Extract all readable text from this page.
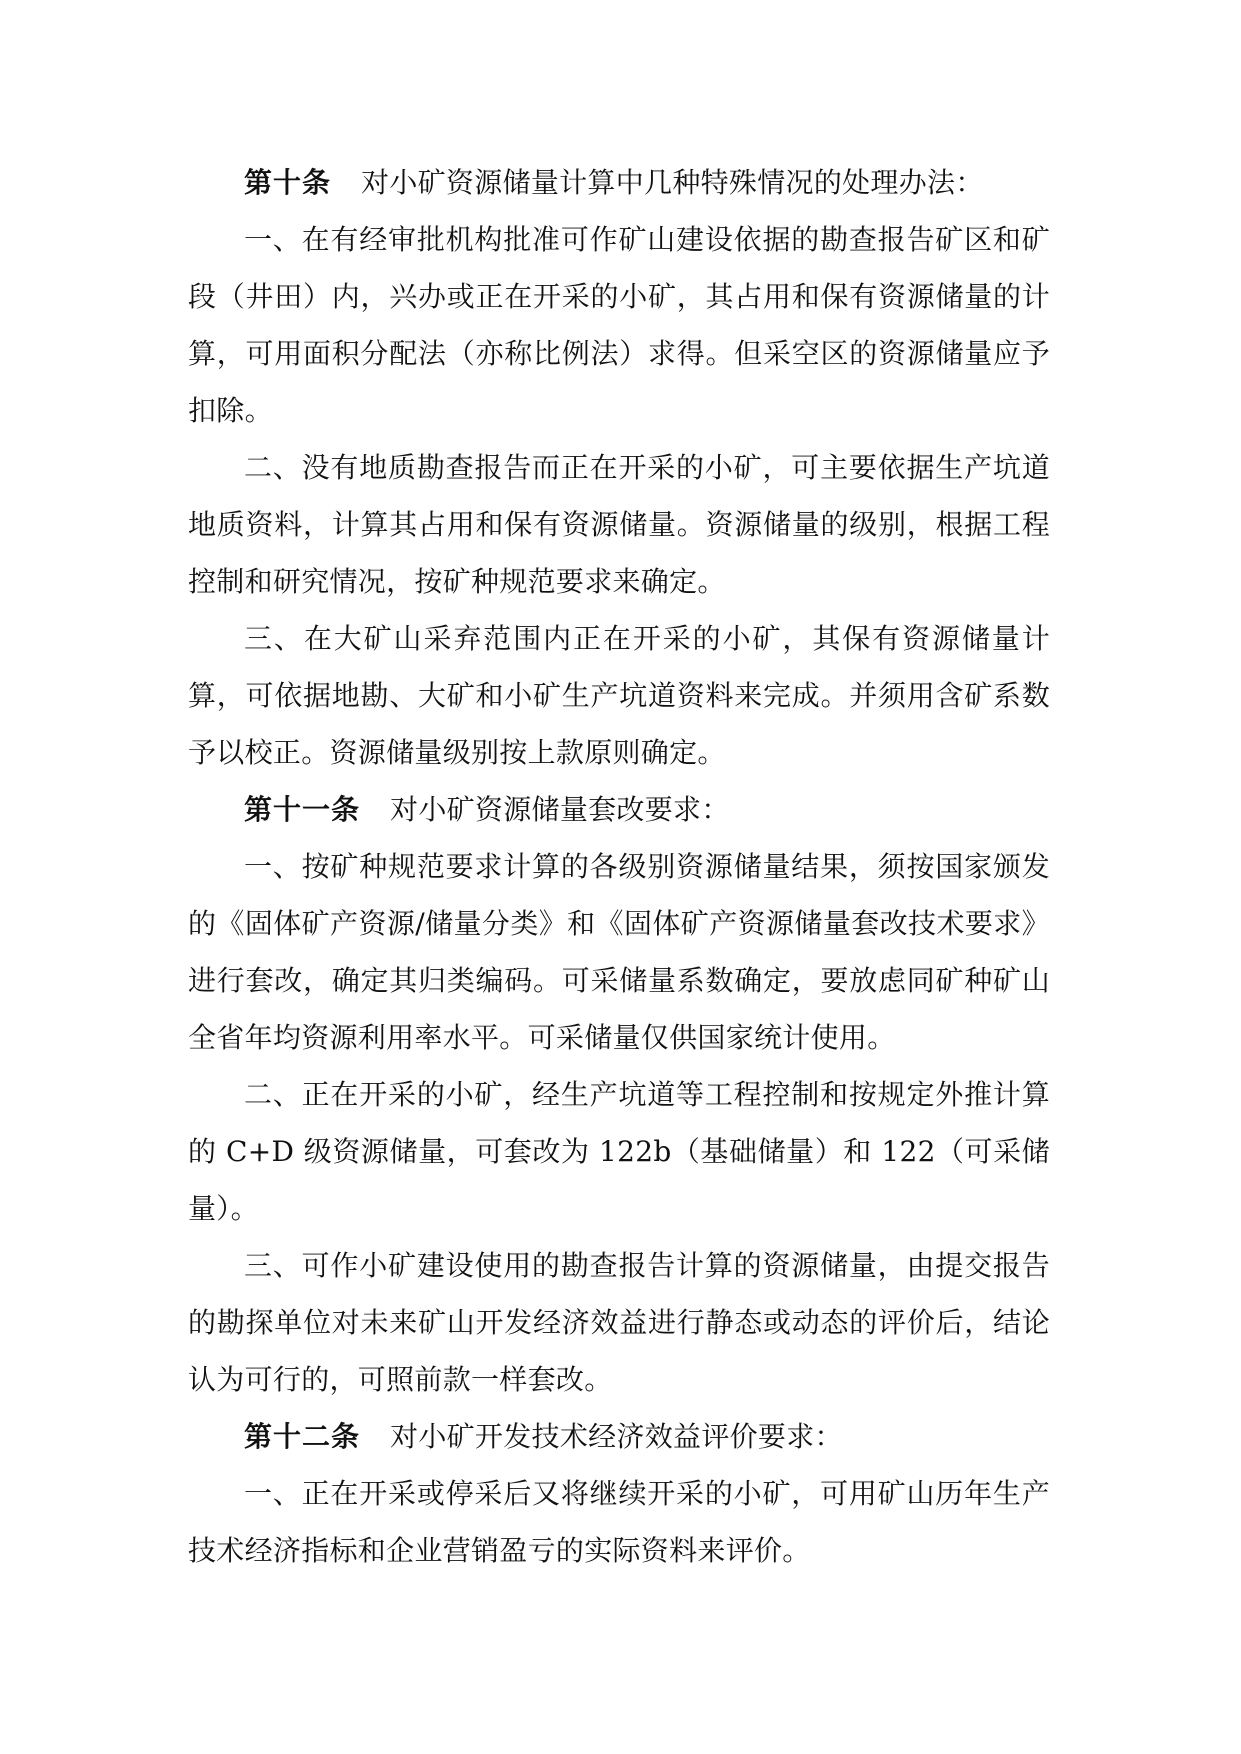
第十条 对小矿资源储量计算中几种特殊情况的处理办法：

一、在有经审批机构批准可作矿山建设依据的勘查报告矿区和矿段（井田）内，兴办或正在开采的小矿，其占用和保有资源储量的计算，可用面积分配法（亦称比例法）求得。但采空区的资源储量应予扣除。

二、没有地质勘查报告而正在开采的小矿，可主要依据生产坑道地质资料，计算其占用和保有资源储量。资源储量的级别，根据工程控制和研究情况，按矿种规范要求来确定。

三、在大矿山采弃范围内正在开采的小矿，其保有资源储量计算，可依据地勘、大矿和小矿生产坑道资料来完成。并须用含矿系数予以校正。资源储量级别按上款原则确定。

第十一条 对小矿资源储量套改要求：

一、按矿种规范要求计算的各级别资源储量结果，须按国家颁发的《固体矿产资源/储量分类》和《固体矿产资源储量套改技术要求》进行套改，确定其归类编码。可采储量系数确定，要放虑同矿种矿山全省年均资源利用率水平。可采储量仅供国家统计使用。

二、正在开采的小矿，经生产坑道等工程控制和按规定外推计算的 C+D 级资源储量，可套改为 122b（基础储量）和 122（可采储量）。

三、可作小矿建设使用的勘查报告计算的资源储量，由提交报告的勘探单位对未来矿山开发经济效益进行静态或动态的评价后，结论认为可行的，可照前款一样套改。

第十二条 对小矿开发技术经济效益评价要求：

一、正在开采或停采后又将继续开采的小矿，可用矿山历年生产技术经济指标和企业营销盈亏的实际资料来评价。
